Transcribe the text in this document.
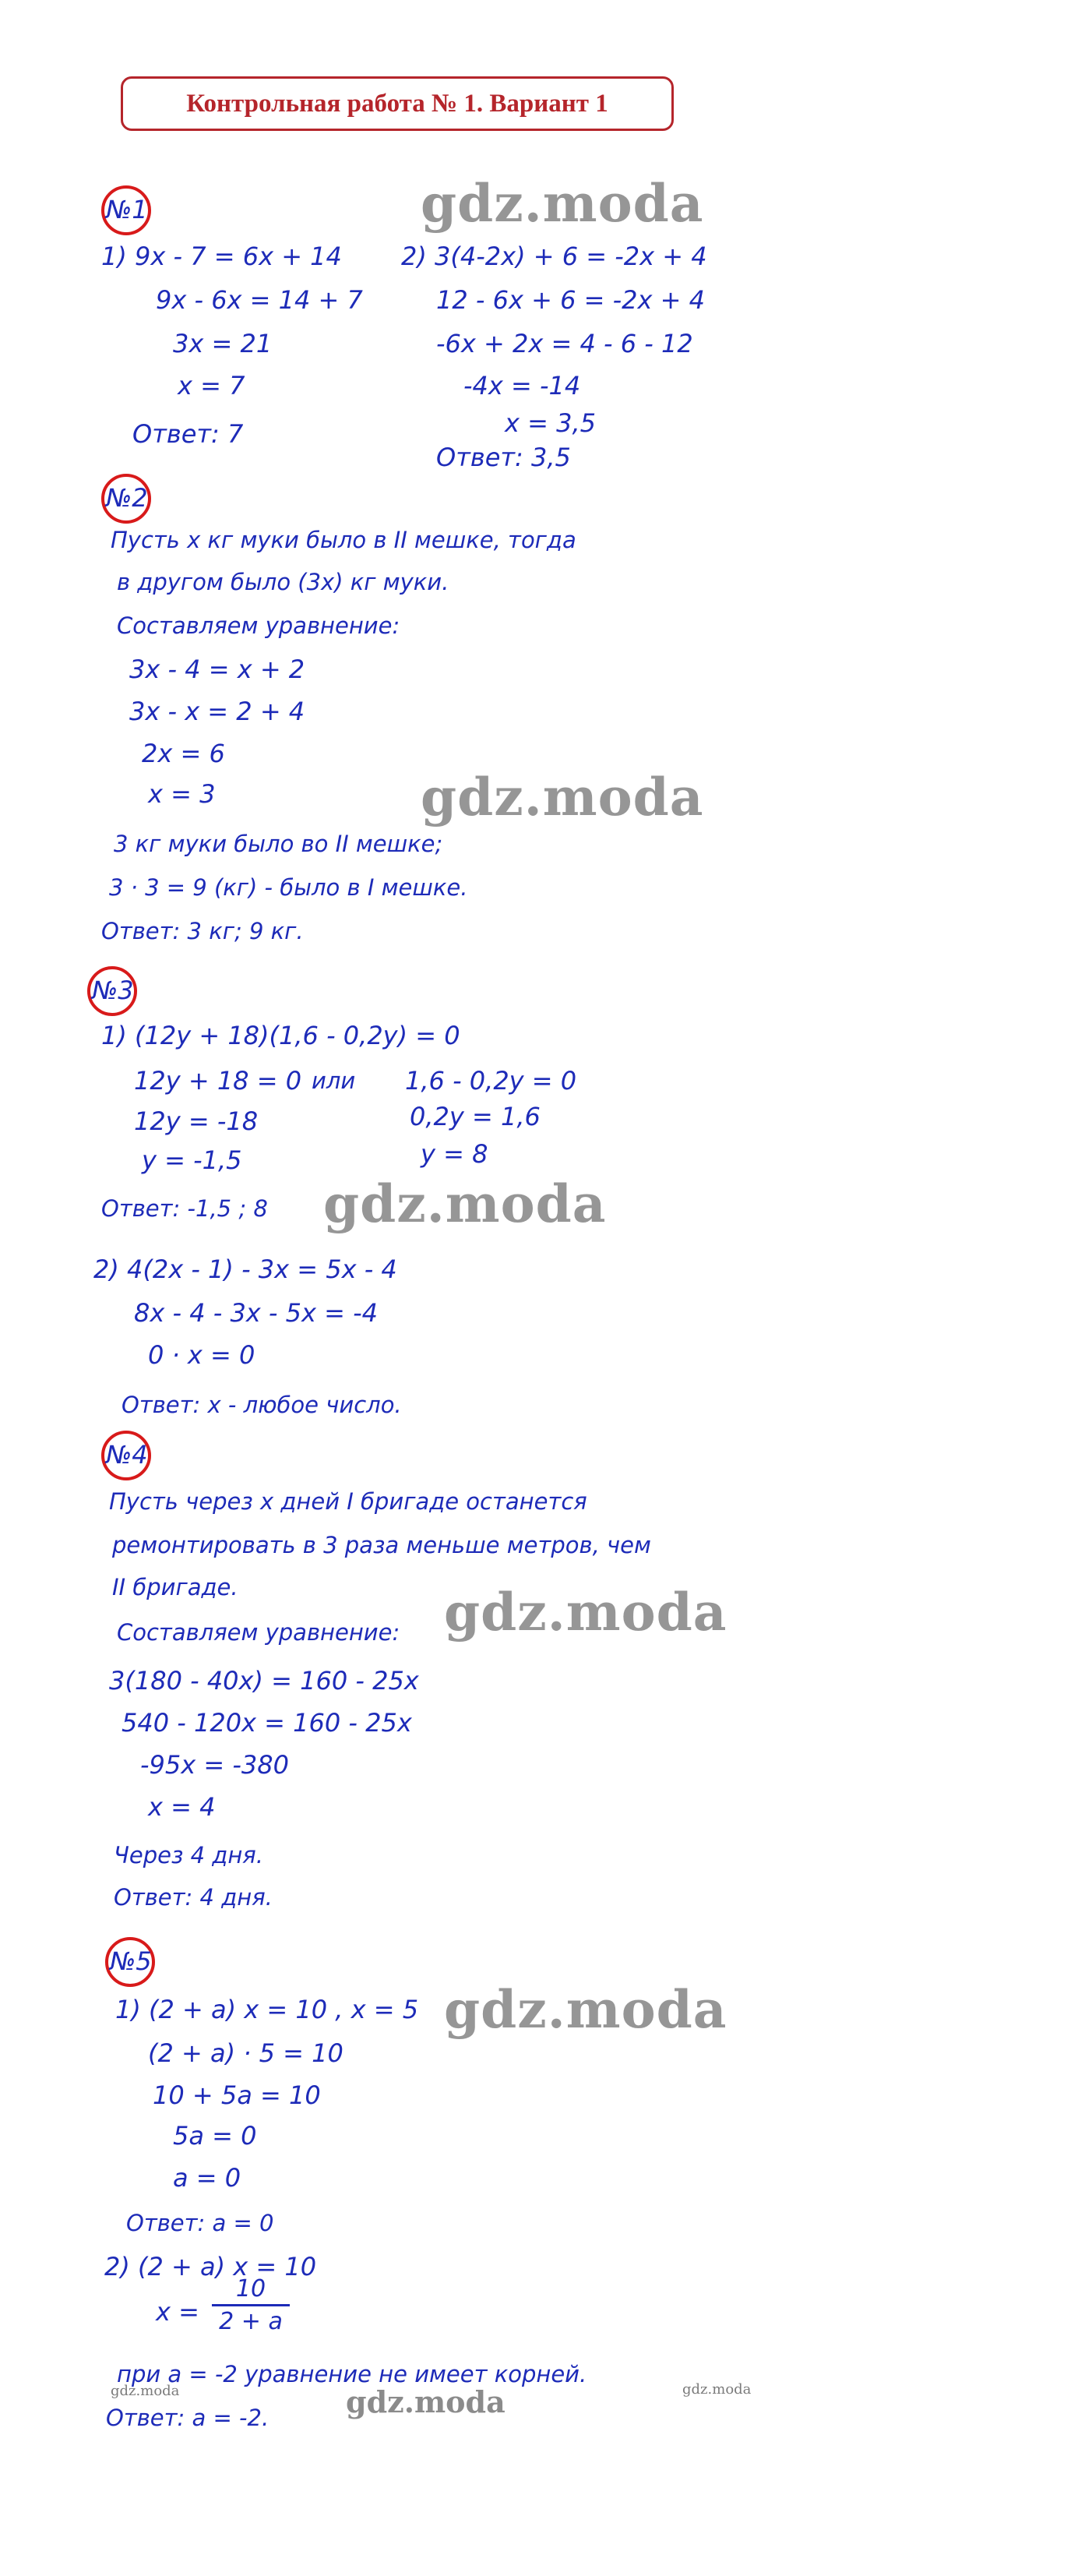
Контрольная работа № 1. Вариант 1
№1	gdz.moda
1) 9x - 7 = 6x + 14
9x - 6x = 14 + 7
3x = 21
x = 7
Ответ: 7
2) 3(4-2x) + 6 = -2x + 4
12 - 6x + 6 = -2x + 4
-6x + 2x = 4 - 6 - 12
-4x = -14
x = 3,5
Ответ: 3,5
№2
Пусть x кг муки было в II мешке, тогда
в другом было (3x) кг муки.
Составляем уравнение:
3x - 4 = x + 2
3x - x = 2 + 4
2x = 6
x = 3	gdz.moda
3 кг муки было во II мешке;
3 · 3 = 9 (кг) - было в I мешке.
Ответ: 3 кг; 9 кг.
№3
1) (12y + 18)(1,6 - 0,2y) = 0
12y + 18 = 0
12y = -18
y = -1,5
или 1,6 - 0,2y = 0
0,2y = 1,6
y = 8
Ответ: -1,5 ; 8 gdz.moda
2) 4(2x - 1) - 3x = 5x - 4
8x - 4 - 3x - 5x = -4
0 · x = 0
Ответ: x - любое число.
№4
Пусть через x дней I бригаде останется
ремонтировать в 3 раза меньше метров, чем
II бригаде.	gdz.moda
Составляем уравнение:
3(180 - 40x) = 160 - 25x
540 - 120x = 160 - 25x
-95x = -380
x = 4
Через 4 дня.
Ответ: 4 дня.
№5
1) (2 + a) x = 10 , x = 5 gdz.moda
(2 + a) · 5 = 10
10 + 5a = 10
5a = 0
a = 0
Ответ: a = 0
2) (2 + a) x = 10
x =
10
2 + a
при a = -2 уравнение не имеет корней.
gdz.moda	gdz.moda
Ответ: a = -2.	gdz.moda
